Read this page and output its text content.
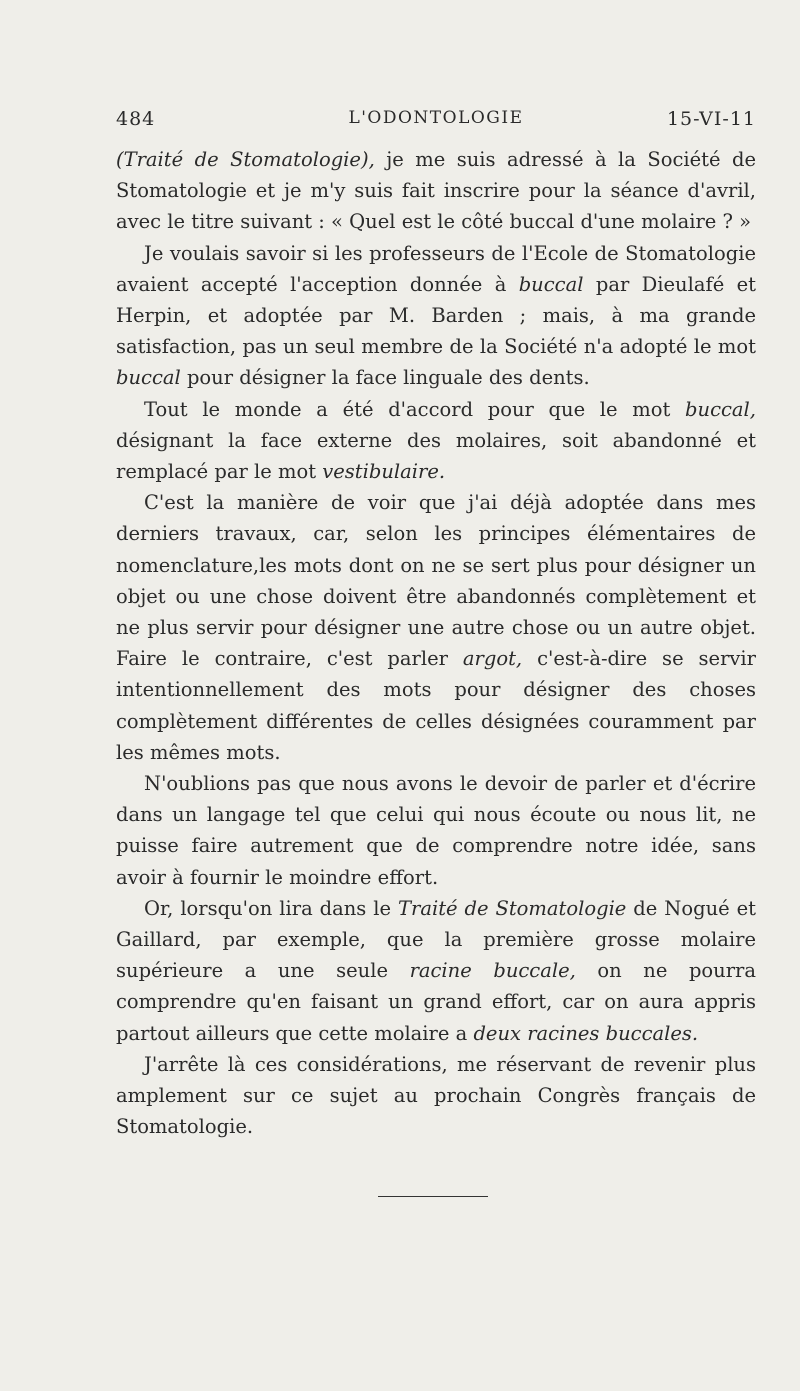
484	L'ODONTOLOGIE	15-VI-11

(Traité de Stomatologie), je me suis adressé à la Société de Stomatologie et je m'y suis fait inscrire pour la séance d'avril, avec le titre suivant : « Quel est le côté buccal d'une molaire ? »

Je voulais savoir si les professeurs de l'Ecole de Stomatologie avaient accepté l'acception donnée à buccal par Dieulafé et Herpin, et adoptée par M. Barden ; mais, à ma grande satisfaction, pas un seul membre de la Société n'a adopté le mot buccal pour désigner la face linguale des dents.

Tout le monde a été d'accord pour que le mot buccal, désignant la face externe des molaires, soit abandonné et remplacé par le mot vestibulaire.

C'est la manière de voir que j'ai déjà adoptée dans mes derniers travaux, car, selon les principes élémentaires de nomenclature,les mots dont on ne se sert plus pour désigner un objet ou une chose doivent être abandonnés complètement et ne plus servir pour désigner une autre chose ou un autre objet. Faire le contraire, c'est parler argot, c'est-à-dire se servir intentionnellement des mots pour désigner des choses complètement différentes de celles désignées couramment par les mêmes mots.

N'oublions pas que nous avons le devoir de parler et d'écrire dans un langage tel que celui qui nous écoute ou nous lit, ne puisse faire autrement que de comprendre notre idée, sans avoir à fournir le moindre effort.

Or, lorsqu'on lira dans le Traité de Stomatologie de Nogué et Gaillard, par exemple, que la première grosse molaire supérieure a une seule racine buccale, on ne pourra comprendre qu'en faisant un grand effort, car on aura appris partout ailleurs que cette molaire a deux racines buccales.

J'arrête là ces considérations, me réservant de revenir plus amplement sur ce sujet au prochain Congrès français de Stomatologie.
